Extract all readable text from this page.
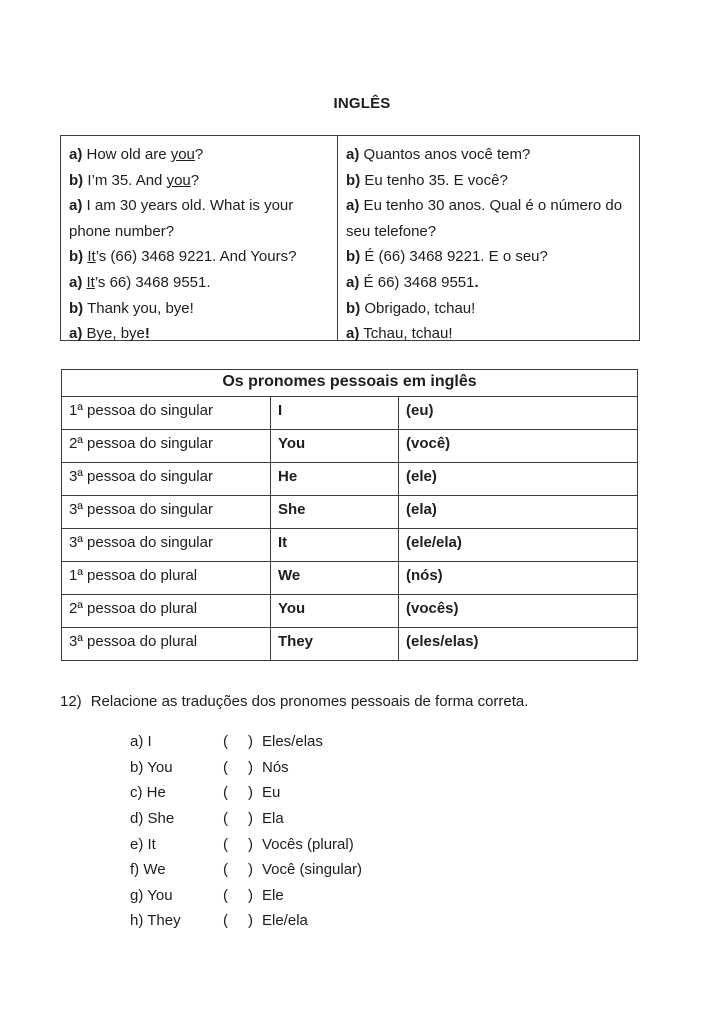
INGLÊS

a) How old are you?

b) I’m 35. And you?

a) I am 30 years old. What is your
phone number?

b) It’s (66) 3468 9221. And Yours?

a) It’s 66) 3468 9551.

b) Thank you, bye!

a) Bye, bye!

a) Quantos anos você tem?

b) Eu tenho 35. E você?

a) Eu tenho 30 anos. Qual é o número do
seu telefone?

b) É (66) 3468 9221. E o seu?

a) É 66) 3468 9551.

b) Obrigado, tchau!

a) Tchau, tchau!

Os pronomes pessoais em inglês		
1ª pessoa do singular	I	(eu)
2ª pessoa do singular	You	(você)
3ª pessoa do singular	He	(ele)
3ª pessoa do singular	She	(ela)
3ª pessoa do singular	It	(ele/ela)
1ª pessoa do plural	We	(nós)
2ª pessoa do plural	You	(vocês)
3ª pessoa do plural	They	(eles/elas)
12) Relacione as traduções dos pronomes pessoais de forma correta.
a) I	(	) Eles/elas
b) You	(	) Nós
c) He	(	) Eu
d) She	(	) Ela
e) It	(	) Vocês (plural)
f) We	(	) Você (singular)
g) You	(	) Ele
h) They	(	) Ele/ela
